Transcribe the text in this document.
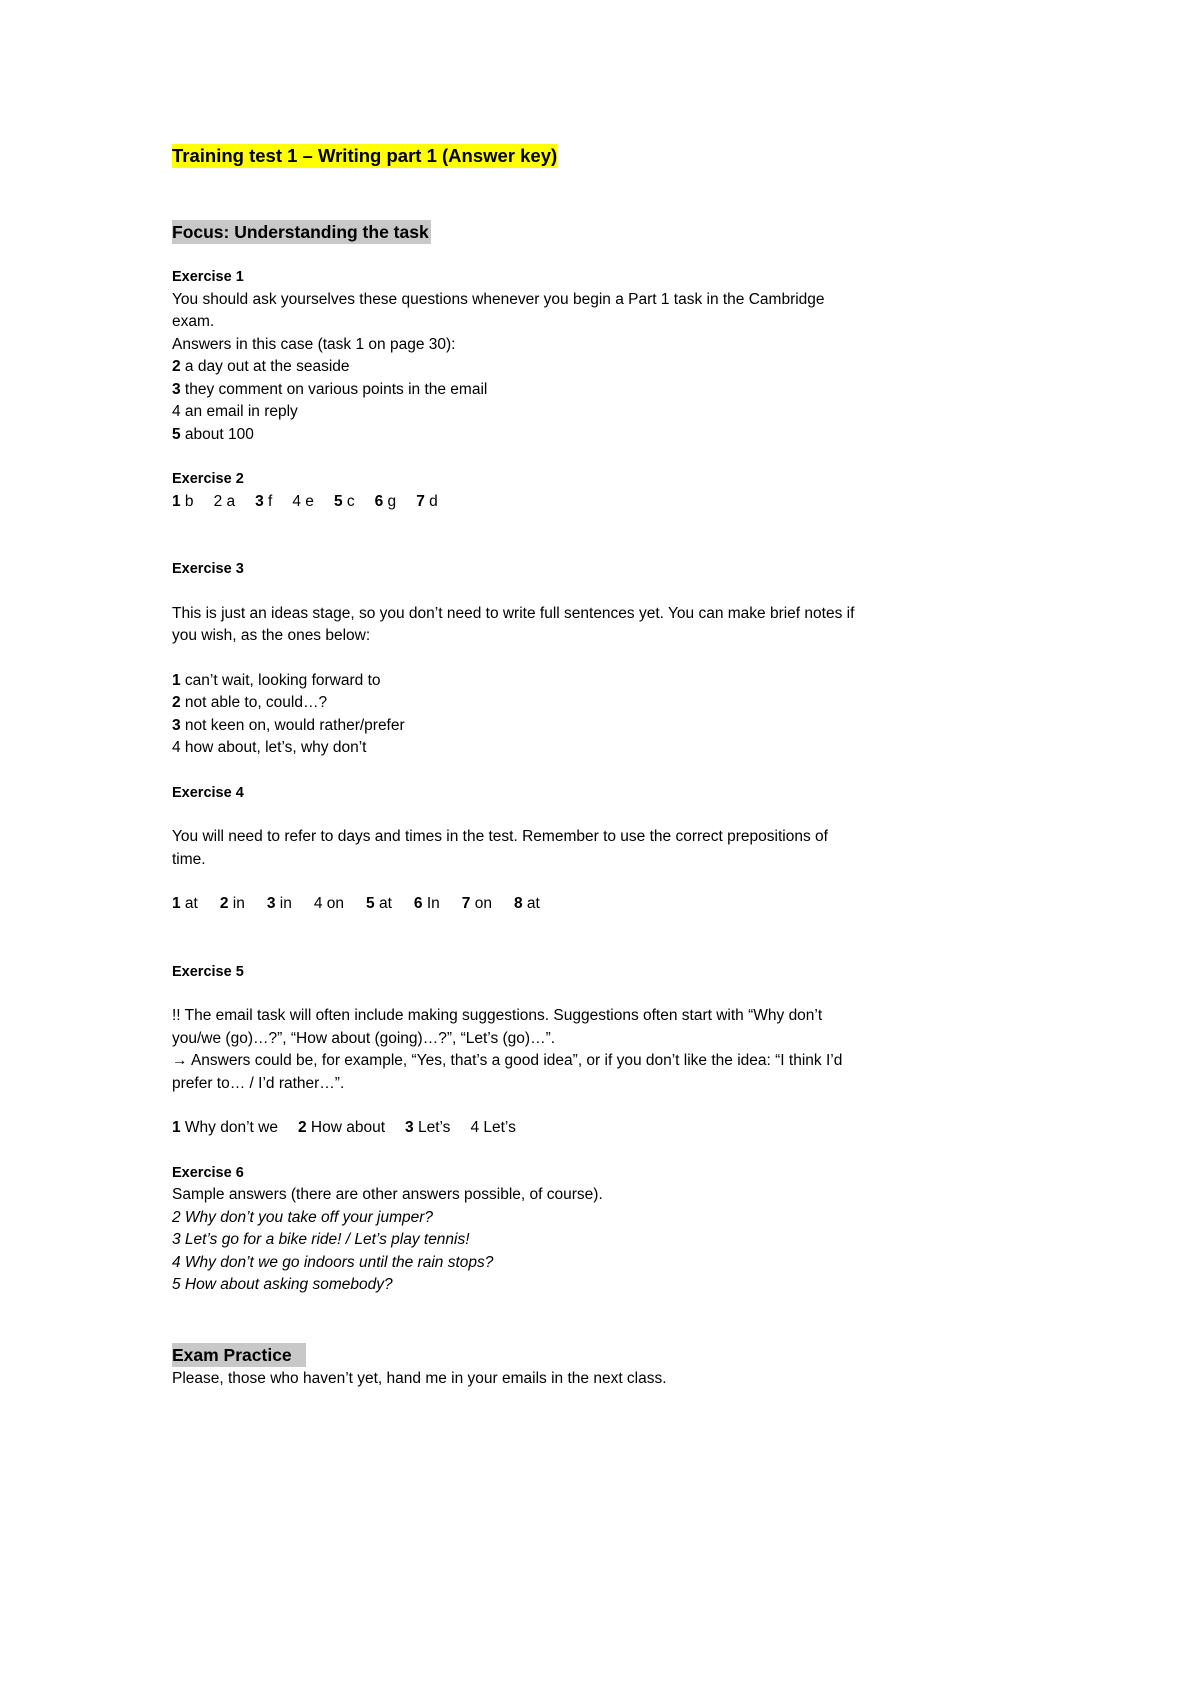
Training test 1 – Writing part 1 (Answer key)
Focus: Understanding the task

Exercise 1

You should ask yourselves these questions whenever you begin a Part 1 task in the Cambridge

exam.

Answers in this case (task 1 on page 30):

2 a day out at the seaside

3 they comment on various points in the email

4 an email in reply

5 about 100

Exercise 2

1 b 2 a 3 f 4 e 5 c 6 g 7 d

Exercise 3

This is just an ideas stage, so you don’t need to write full sentences yet. You can make brief notes if

you wish, as the ones below:

1 can’t wait, looking forward to

2 not able to, could…?

3 not keen on, would rather/prefer

4 how about, let’s, why don’t

Exercise 4

You will need to refer to days and times in the test. Remember to use the correct prepositions of

time.

1 at 2 in 3 in 4 on 5 at 6 In 7 on 8 at

Exercise 5

!! The email task will often include making suggestions. Suggestions often start with “Why don’t

you/we (go)…?”, “How about (going)…?”, “Let’s (go)…”.

→ Answers could be, for example, “Yes, that’s a good idea”, or if you don’t like the idea: “I think I’d

prefer to… / I’d rather…”.

1 Why don’t we 2 How about 3 Let’s 4 Let’s

Exercise 6

Sample answers (there are other answers possible, of course).

2 Why don’t you take off your jumper?

3 Let’s go for a bike ride! / Let’s play tennis!

4 Why don’t we go indoors until the rain stops?

5 How about asking somebody?

Exam Practice

Please, those who haven’t yet, hand me in your emails in the next class.
